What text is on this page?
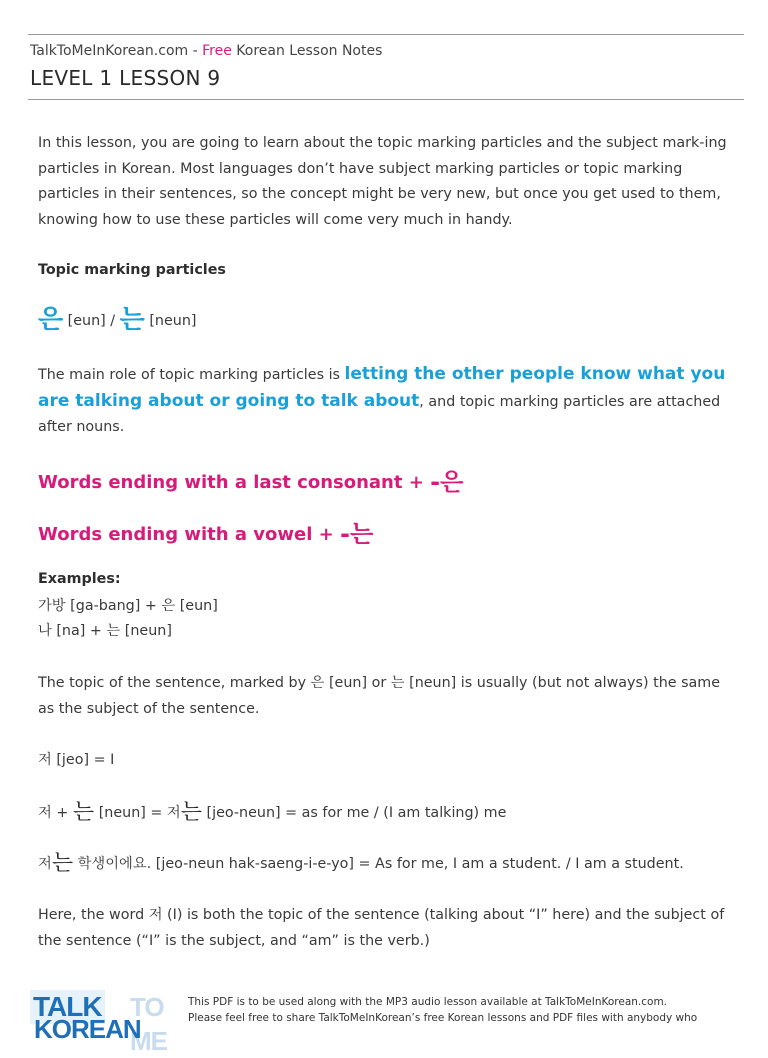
TalkToMeInKorean.com - Free Korean Lesson Notes
LEVEL 1 LESSON 9
In this lesson, you are going to learn about the topic marking particles and the subject mark-ing particles in Korean. Most languages don’t have subject marking particles or topic marking particles in their sentences, so the concept might be very new, but once you get used to them, knowing how to use these particles will come very much in handy.
Topic marking particles
은 [eun] / 는 [neun]
The main role of topic marking particles is letting the other people know what you are talking about or going to talk about, and topic marking particles are attached after nouns.
Words ending with a last consonant + -은
Words ending with a vowel + -는
Examples:
가방 [ga-bang] + 은 [eun]
나 [na] + 는 [neun]
The topic of the sentence, marked by 은 [eun] or 는 [neun] is usually (but not always) the same as the subject of the sentence.
저 [jeo] = I
저 + 는 [neun] = 저는 [jeo-neun] = as for me / (I am talking) me
저는 학생이에요. [jeo-neun hak-saeng-i-e-yo] = As for me, I am a student. / I am a student.
Here, the word 저 (I) is both the topic of the sentence (talking about “I” here) and the subject of the sentence (“I” is the subject, and “am” is the verb.)
TALK TO ME
KOREAN
This PDF is to be used along with the MP3 audio lesson available at TalkToMeInKorean.com.
Please feel free to share TalkToMeInKorean’s free Korean lessons and PDF files with anybody who
